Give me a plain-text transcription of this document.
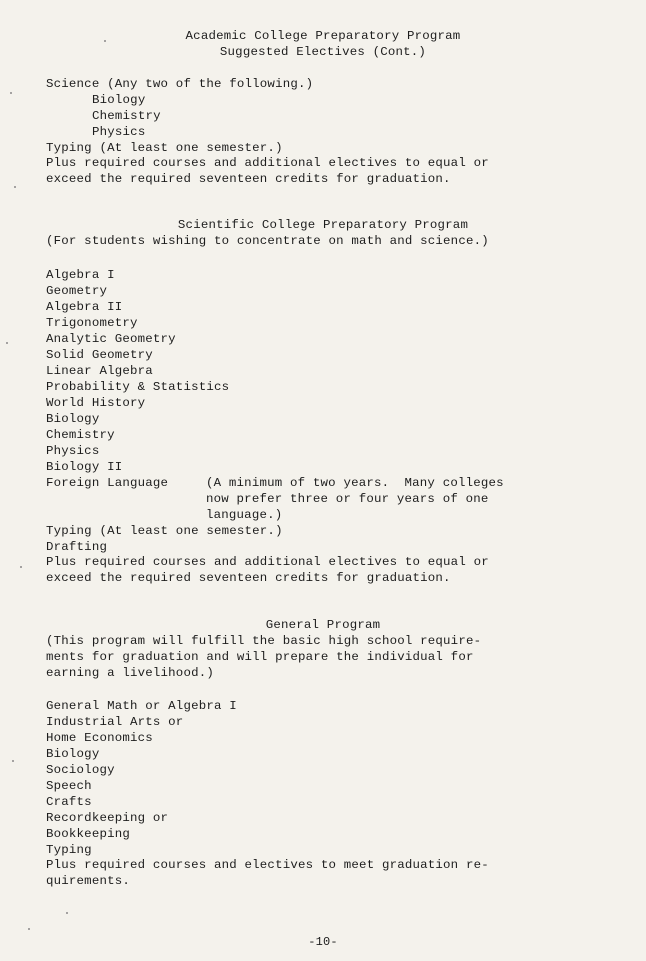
Academic College Preparatory Program
Suggested Electives (Cont.)
Science (Any two of the following.)
Biology
Chemistry
Physics
Typing (At least one semester.)
Plus required courses and additional electives to equal or
exceed the required seventeen credits for graduation.
Scientific College Preparatory Program
(For students wishing to concentrate on math and science.)
Algebra I
Geometry
Algebra II
Trigonometry
Analytic Geometry
Solid Geometry
Linear Algebra
Probability & Statistics
World History
Biology
Chemistry
Physics
Biology II
Foreign Language	(A minimum of two years.  Many colleges
now prefer three or four years of one
language.)
Typing (At least one semester.)
Drafting
Plus required courses and additional electives to equal or
exceed the required seventeen credits for graduation.
General Program
(This program will fulfill the basic high school require-
ments for graduation and will prepare the individual for
earning a livelihood.)
General Math or Algebra I
Industrial Arts or
Home Economics
Biology
Sociology
Speech
Crafts
Recordkeeping or
Bookkeeping
Typing
Plus required courses and electives to meet graduation re-
quirements.
-10-
